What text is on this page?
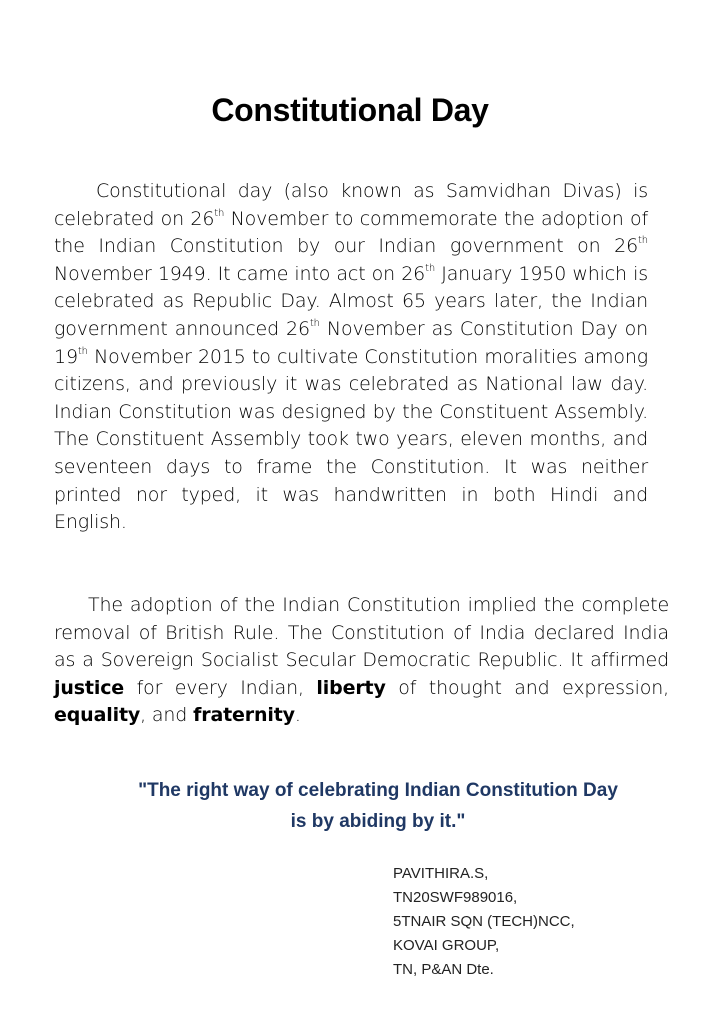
Constitutional Day

Constitutional day (also known as Samvidhan Divas) is celebrated on 26th November to commemorate the adoption of the Indian Constitution by our Indian government on 26th November 1949. It came into act on 26th January 1950 which is celebrated as Republic Day. Almost 65 years later, the Indian government announced 26th November as Constitution Day on 19th November 2015 to cultivate Constitution moralities among citizens, and previously it was celebrated as National law day. Indian Constitution was designed by the Constituent Assembly. The Constituent Assembly took two years, eleven months, and seventeen days to frame the Constitution. It was neither printed nor typed, it was handwritten in both Hindi and English.

The adoption of the Indian Constitution implied the complete removal of British Rule. The Constitution of India declared India as a Sovereign Socialist Secular Democratic Republic. It affirmed justice for every Indian, liberty of thought and expression, equality, and fraternity.

"The right way of celebrating Indian Constitution Day
is by abiding by it."
PAVITHIRA.S,
TN20SWF989016,
5TNAIR SQN (TECH)NCC,
KOVAI GROUP,
TN, P&AN Dte.
